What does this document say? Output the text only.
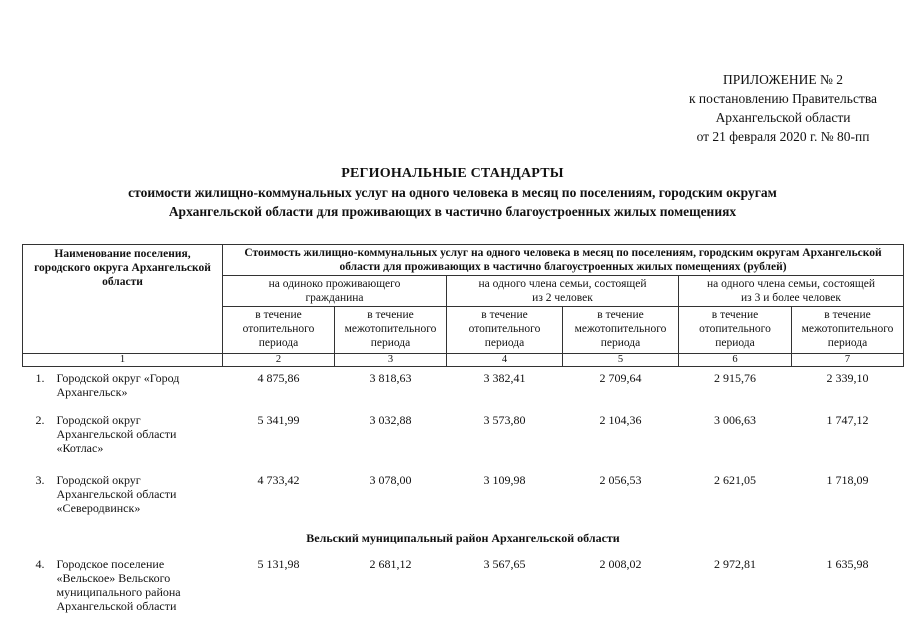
ПРИЛОЖЕНИЕ № 2
к постановлению Правительства
Архангельской области
от 21 февраля 2020 г. № 80-пп
РЕГИОНАЛЬНЫЕ СТАНДАРТЫ
стоимости жилищно-коммунальных услуг на одного человека в месяц по поселениям, городским округам
Архангельской области для проживающих в частично благоустроенных жилых помещениях
Наименование поселения, городского округа Архангельской области		Стоимость жилищно-коммунальных услуг на одного человека в месяц по поселениям, городским округам Архангельской области для проживающих в частично благоустроенных жилых помещениях (рублей)					
		на одиноко проживающего гражданина		на одного члена семьи, состоящей из 2 человек		на одного члена семьи, состоящей из 3 и более человек	
		в течение отопительного периода	в течение межотопительного периода	в течение отопительного периода	в течение межотопительного периода	в течение отопительного периода	в течение межотопительного периода
1		2	3	4	5	6	7
1.	Городской округ «Город Архангельск»	4 875,86	3 818,63	3 382,41	2 709,64	2 915,76	2 339,10
2.	Городской округ Архангельской области «Котлас»	5 341,99	3 032,88	3 573,80	2 104,36	3 006,63	1 747,12
3.	Городской округ Архангельской области «Северодвинск»	4 733,42	3 078,00	3 109,98	2 056,53	2 621,05	1 718,09
Вельский муниципальный район Архангельской области							
4.	Городское поселение «Вельское» Вельского муниципального района Архангельской области	5 131,98	2 681,12	3 567,65	2 008,02	2 972,81	1 635,98
